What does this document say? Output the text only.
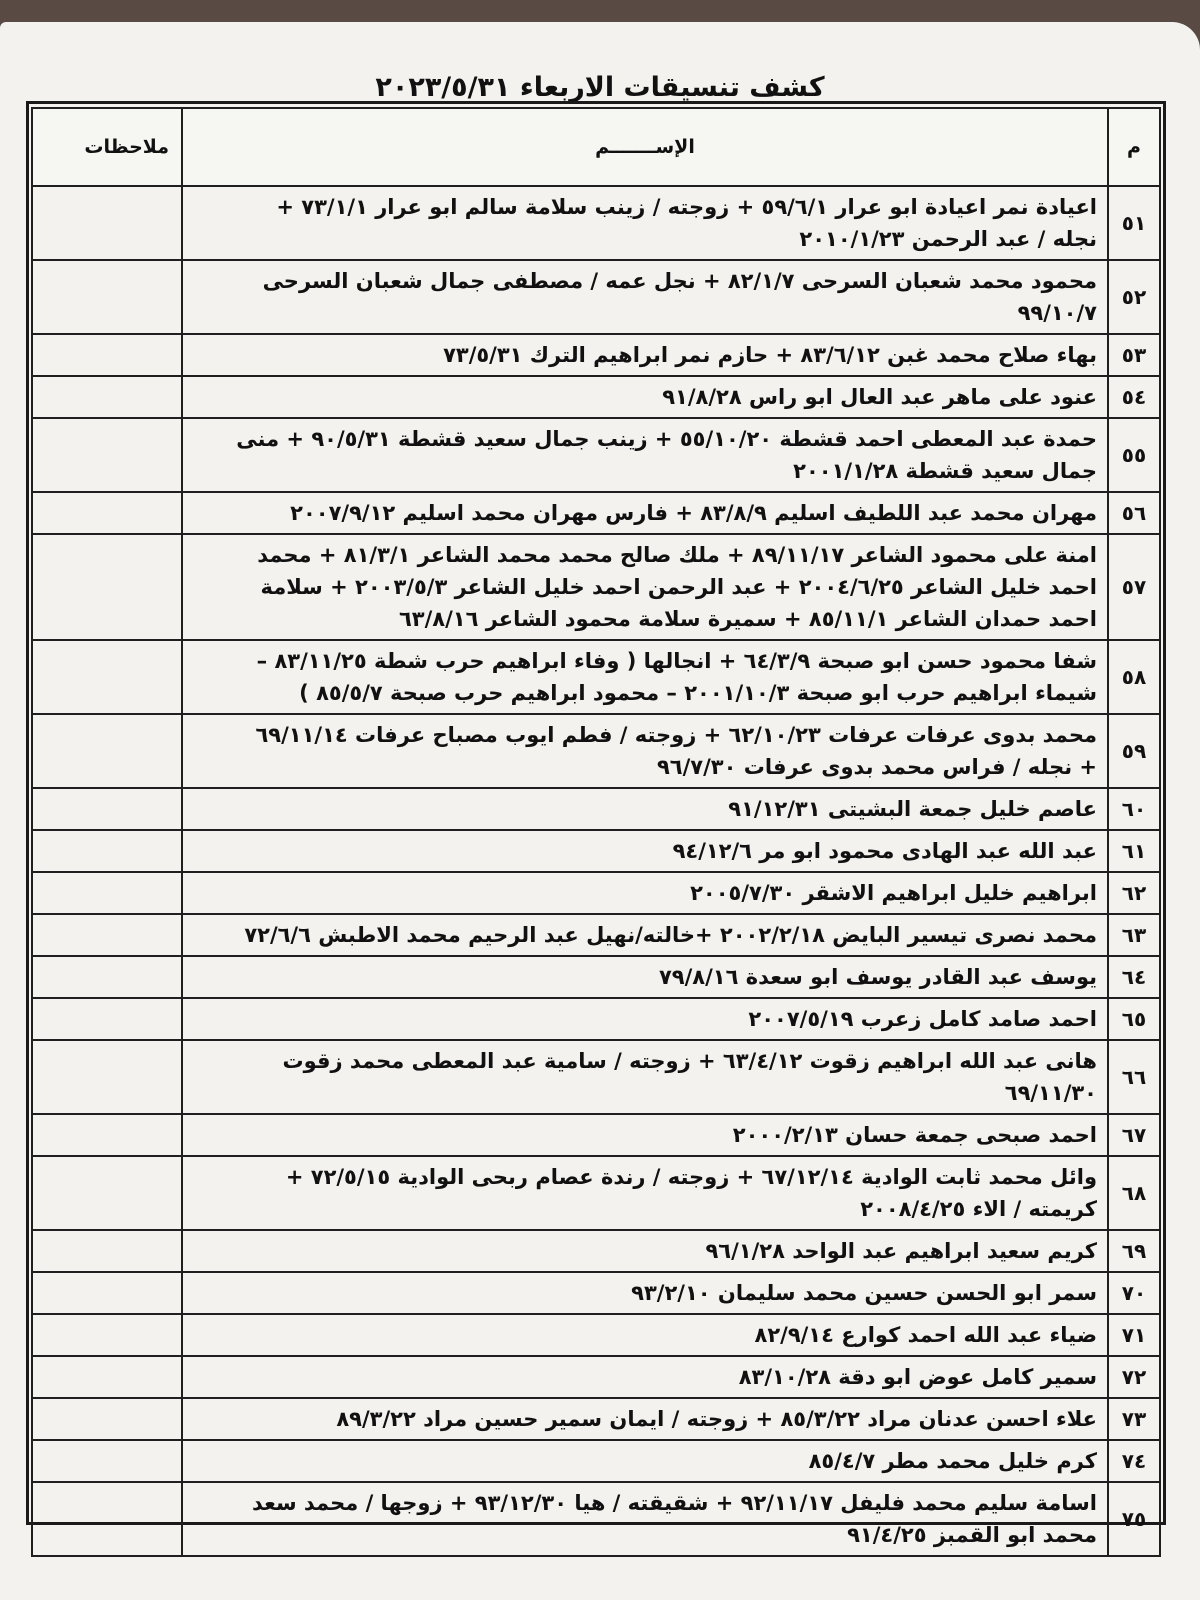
كشف تنسيقات الاربعاء ٢٠٢٣/٥/٣١
م	الإســـــــم	ملاحظات
٥١	اعيادة نمر اعيادة ابو عرار ٥٩/٦/١ + زوجته / زينب سلامة سالم ابو عرار ٧٣/١/١ +
نجله / عبد الرحمن ٢٠١٠/١/٢٣	
٥٢	محمود محمد شعبان السرحى ٨٢/١/٧ + نجل عمه / مصطفى جمال شعبان السرحى
٩٩/١٠/٧	
٥٣	بهاء صلاح محمد غبن ٨٣/٦/١٢ + حازم نمر ابراهيم الترك ٧٣/٥/٣١	
٥٤	عنود على ماهر عبد العال ابو راس ٩١/٨/٢٨	
٥٥	حمدة عبد المعطى احمد قشطة ٥٥/١٠/٢٠ + زينب جمال سعيد قشطة ٩٠/٥/٣١ + منى
جمال سعيد قشطة ٢٠٠١/١/٢٨	
٥٦	مهران محمد عبد اللطيف اسليم ٨٣/٨/٩ + فارس مهران محمد اسليم ٢٠٠٧/٩/١٢	
٥٧	امنة على محمود الشاعر ٨٩/١١/١٧ + ملك صالح محمد محمد الشاعر ٨١/٣/١ + محمد
احمد خليل الشاعر ٢٠٠٤/٦/٢٥ + عبد الرحمن احمد خليل الشاعر ٢٠٠٣/٥/٣ + سلامة
احمد حمدان الشاعر ٨٥/١١/١ + سميرة سلامة محمود الشاعر ٦٣/٨/١٦	
٥٨	شفا محمود حسن ابو صبحة ٦٤/٣/٩ + انجالها ( وفاء ابراهيم حرب شطة ٨٣/١١/٢٥ –
شيماء ابراهيم حرب ابو صبحة ٢٠٠١/١٠/٣ – محمود ابراهيم حرب صبحة ٨٥/٥/٧ )	
٥٩	محمد بدوى عرفات عرفات ٦٢/١٠/٢٣ + زوجته / فطم ايوب مصباح عرفات ٦٩/١١/١٤
+ نجله / فراس محمد بدوى عرفات ٩٦/٧/٣٠	
٦٠	عاصم خليل جمعة البشيتى ٩١/١٢/٣١	
٦١	عبد الله عبد الهادى محمود ابو مر ٩٤/١٢/٦	
٦٢	ابراهيم خليل ابراهيم الاشقر ٢٠٠٥/٧/٣٠	
٦٣	محمد نصرى تيسير البايض ٢٠٠٢/٢/١٨ +خالته/نهيل عبد الرحيم محمد الاطبش ٧٢/٦/٦	
٦٤	يوسف عبد القادر يوسف ابو سعدة ٧٩/٨/١٦	
٦٥	احمد صامد كامل زعرب ٢٠٠٧/٥/١٩	
٦٦	هانى عبد الله ابراهيم زقوت ٦٣/٤/١٢ + زوجته / سامية عبد المعطى محمد زقوت
٦٩/١١/٣٠	
٦٧	احمد صبحى جمعة حسان ٢٠٠٠/٢/١٣	
٦٨	وائل محمد ثابت الوادية ٦٧/١٢/١٤ + زوجته / رندة عصام ربحى الوادية ٧٢/٥/١٥ +
كريمته / الاء ٢٠٠٨/٤/٢٥	
٦٩	كريم سعيد ابراهيم عبد الواحد ٩٦/١/٢٨	
٧٠	سمر ابو الحسن حسين محمد سليمان ٩٣/٢/١٠	
٧١	ضياء عبد الله احمد كوارع ٨٢/٩/١٤	
٧٢	سمير كامل عوض ابو دقة ٨٣/١٠/٢٨	
٧٣	علاء احسن عدنان مراد ٨٥/٣/٢٢ + زوجته / ايمان سمير حسين مراد ٨٩/٣/٢٢	
٧٤	كرم خليل محمد مطر ٨٥/٤/٧	
٧٥	اسامة سليم محمد فليفل ٩٢/١١/١٧ + شقيقته / هيا ٩٣/١٢/٣٠ + زوجها / محمد سعد
محمد ابو القمبز ٩١/٤/٢٥	
